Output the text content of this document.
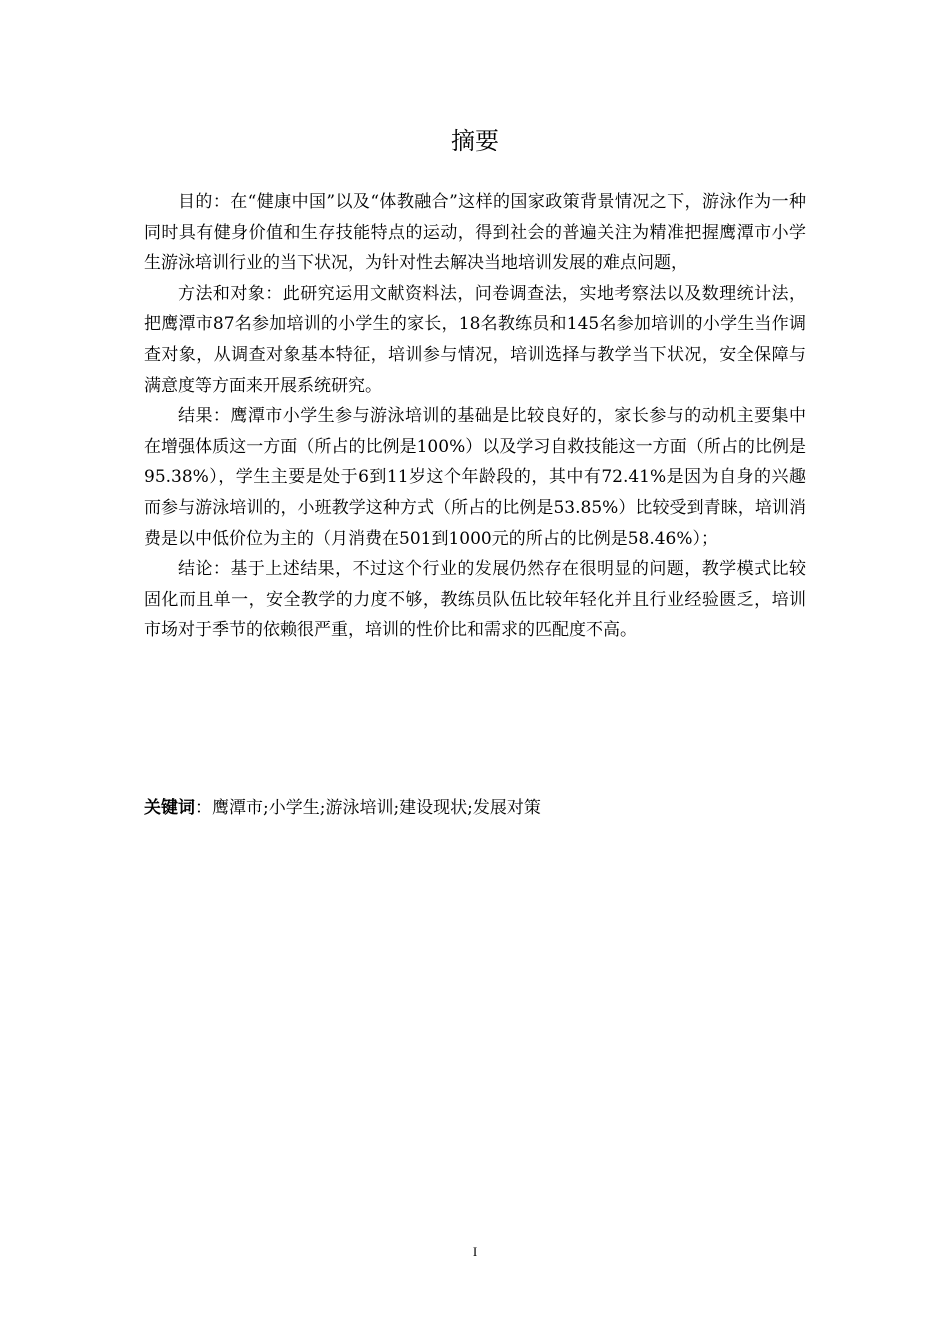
摘要

目的：在“健康中国”以及“体教融合”这样的国家政策背景情况之下，游泳作为一种同时具有健身价值和生存技能特点的运动，得到社会的普遍关注为精准把握鹰潭市小学生游泳培训行业的当下状况，为针对性去解决当地培训发展的难点问题，

方法和对象：此研究运用文献资料法，问卷调查法，实地考察法以及数理统计法，把鹰潭市87名参加培训的小学生的家长，18名教练员和145名参加培训的小学生当作调查对象，从调查对象基本特征，培训参与情况，培训选择与教学当下状况，安全保障与满意度等方面来开展系统研究。

结果：鹰潭市小学生参与游泳培训的基础是比较良好的，家长参与的动机主要集中在增强体质这一方面（所占的比例是100%）以及学习自救技能这一方面（所占的比例是95.38%），学生主要是处于6到11岁这个年龄段的，其中有72.41%是因为自身的兴趣而参与游泳培训的，小班教学这种方式（所占的比例是53.85%）比较受到青睐，培训消费是以中低价位为主的（月消费在501到1000元的所占的比例是58.46%）；

结论：基于上述结果，不过这个行业的发展仍然存在很明显的问题，教学模式比较固化而且单一，安全教学的力度不够，教练员队伍比较年轻化并且行业经验匮乏，培训市场对于季节的依赖很严重，培训的性价比和需求的匹配度不高。

关键词：鹰潭市;小学生;游泳培训;建设现状;发展对策

I
